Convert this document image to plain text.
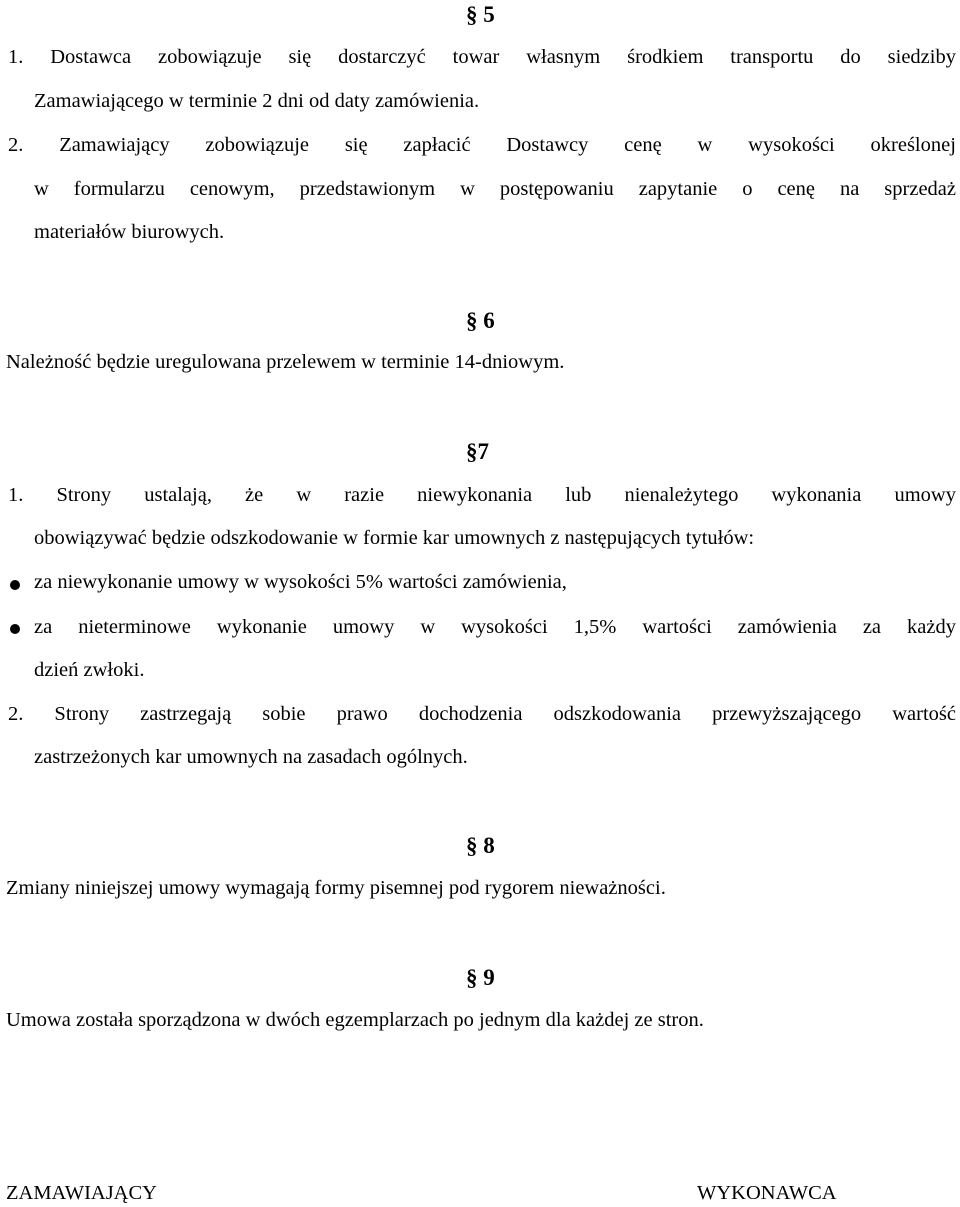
§ 5
1. Dostawca zobowiązuje się dostarczyć towar własnym środkiem transportu do siedziby
Zamawiającego w terminie 2 dni od daty zamówienia.
2. Zamawiający zobowiązuje się zapłacić Dostawcy cenę w wysokości określonej
w formularzu cenowym, przedstawionym w postępowaniu zapytanie o cenę na sprzedaż
materiałów biurowych.
§ 6
Należność będzie uregulowana przelewem w terminie 14-dniowym.
§7
1. Strony ustalają, że w razie niewykonania lub nienależytego wykonania umowy
obowiązywać będzie odszkodowanie w formie kar umownych z następujących tytułów:
za niewykonanie umowy w wysokości 5% wartości zamówienia,
za nieterminowe wykonanie umowy w wysokości 1,5% wartości zamówienia za każdy
dzień zwłoki.
2. Strony zastrzegają sobie prawo dochodzenia odszkodowania przewyższającego wartość
zastrzeżonych kar umownych na zasadach ogólnych.
§ 8
Zmiany niniejszej umowy wymagają formy pisemnej pod rygorem nieważności.
§ 9
Umowa została sporządzona w dwóch egzemplarzach po jednym dla każdej ze stron.
ZAMAWIAJĄCY	WYKONAWCA
